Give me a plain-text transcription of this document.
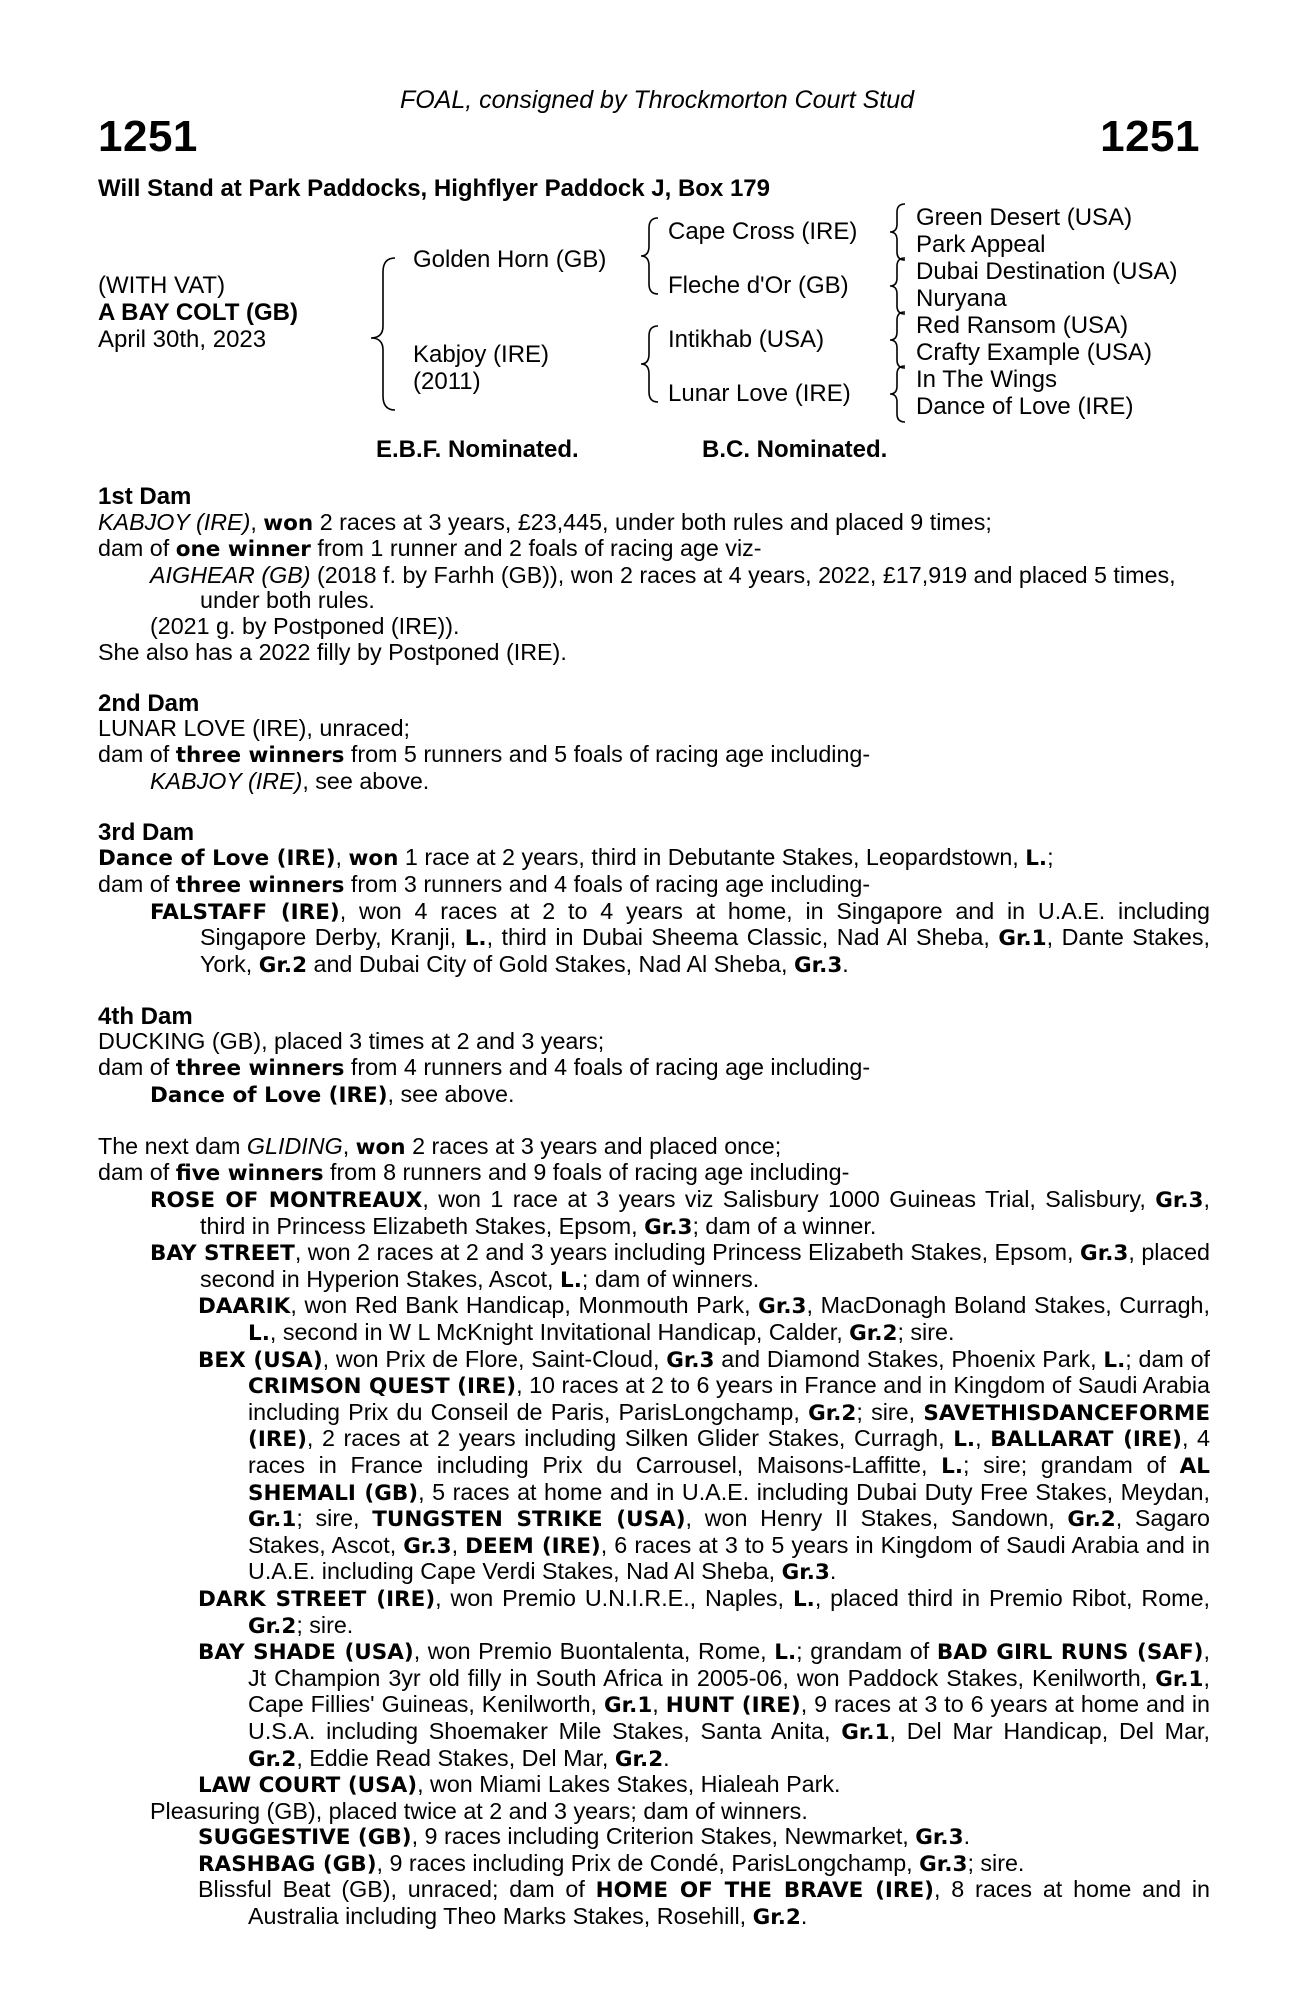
FOAL, consigned by Throckmorton Court Stud
1251	1251
Will Stand at Park Paddocks, Highflyer Paddock J, Box 179
(WITH VAT)
A BAY COLT (GB)
April 30th, 2023
Golden Horn (GB)
Kabjoy (IRE)
(2011)
Cape Cross (IRE)
Fleche d'Or (GB)
Intikhab (USA)
Lunar Love (IRE)
Green Desert (USA)
Park Appeal
Dubai Destination (USA)
Nuryana
Red Ransom (USA)
Crafty Example (USA)
In The Wings
Dance of Love (IRE)
E.B.F. Nominated.	B.C. Nominated.
1st Dam
KABJOY (IRE), won 2 races at 3 years, £23,445, under both rules and placed 9 times;
dam of one winner from 1 runner and 2 foals of racing age viz-
AIGHEAR (GB) (2018 f. by Farhh (GB)), won 2 races at 4 years, 2022, £17,919 and placed 5 times, under both rules.
(2021 g. by Postponed (IRE)).
She also has a 2022 filly by Postponed (IRE).
2nd Dam
LUNAR LOVE (IRE), unraced;
dam of three winners from 5 runners and 5 foals of racing age including-
KABJOY (IRE), see above.
3rd Dam
Dance of Love (IRE), won 1 race at 2 years, third in Debutante Stakes, Leopardstown, L.;
dam of three winners from 3 runners and 4 foals of racing age including-
FALSTAFF (IRE), won 4 races at 2 to 4 years at home, in Singapore and in U.A.E. including Singapore Derby, Kranji, L., third in Dubai Sheema Classic, Nad Al Sheba, Gr.1, Dante Stakes, York, Gr.2 and Dubai City of Gold Stakes, Nad Al Sheba, Gr.3.
4th Dam
DUCKING (GB), placed 3 times at 2 and 3 years;
dam of three winners from 4 runners and 4 foals of racing age including-
Dance of Love (IRE), see above.
The next dam GLIDING, won 2 races at 3 years and placed once;
dam of five winners from 8 runners and 9 foals of racing age including-
ROSE OF MONTREAUX, won 1 race at 3 years viz Salisbury 1000 Guineas Trial, Salisbury, Gr.3, third in Princess Elizabeth Stakes, Epsom, Gr.3; dam of a winner.
BAY STREET, won 2 races at 2 and 3 years including Princess Elizabeth Stakes, Epsom, Gr.3, placed second in Hyperion Stakes, Ascot, L.; dam of winners.
DAARIK, won Red Bank Handicap, Monmouth Park, Gr.3, MacDonagh Boland Stakes, Curragh, L., second in W L McKnight Invitational Handicap, Calder, Gr.2; sire.
BEX (USA), won Prix de Flore, Saint-Cloud, Gr.3 and Diamond Stakes, Phoenix Park, L.; dam of CRIMSON QUEST (IRE), 10 races at 2 to 6 years in France and in Kingdom of Saudi Arabia including Prix du Conseil de Paris, ParisLongchamp, Gr.2; sire, SAVETHISDANCEFORME (IRE), 2 races at 2 years including Silken Glider Stakes, Curragh, L., BALLARAT (IRE), 4 races in France including Prix du Carrousel, Maisons-Laffitte, L.; sire; grandam of AL SHEMALI (GB), 5 races at home and in U.A.E. including Dubai Duty Free Stakes, Meydan, Gr.1; sire, TUNGSTEN STRIKE (USA), won Henry II Stakes, Sandown, Gr.2, Sagaro Stakes, Ascot, Gr.3, DEEM (IRE), 6 races at 3 to 5 years in Kingdom of Saudi Arabia and in U.A.E. including Cape Verdi Stakes, Nad Al Sheba, Gr.3.
DARK STREET (IRE), won Premio U.N.I.R.E., Naples, L., placed third in Premio Ribot, Rome, Gr.2; sire.
BAY SHADE (USA), won Premio Buontalenta, Rome, L.; grandam of BAD GIRL RUNS (SAF), Jt Champion 3yr old filly in South Africa in 2005-06, won Paddock Stakes, Kenilworth, Gr.1, Cape Fillies' Guineas, Kenilworth, Gr.1, HUNT (IRE), 9 races at 3 to 6 years at home and in U.S.A. including Shoemaker Mile Stakes, Santa Anita, Gr.1, Del Mar Handicap, Del Mar, Gr.2, Eddie Read Stakes, Del Mar, Gr.2.
LAW COURT (USA), won Miami Lakes Stakes, Hialeah Park.
Pleasuring (GB), placed twice at 2 and 3 years; dam of winners.
SUGGESTIVE (GB), 9 races including Criterion Stakes, Newmarket, Gr.3.
RASHBAG (GB), 9 races including Prix de Condé, ParisLongchamp, Gr.3; sire.
Blissful Beat (GB), unraced; dam of HOME OF THE BRAVE (IRE), 8 races at home and in Australia including Theo Marks Stakes, Rosehill, Gr.2.
